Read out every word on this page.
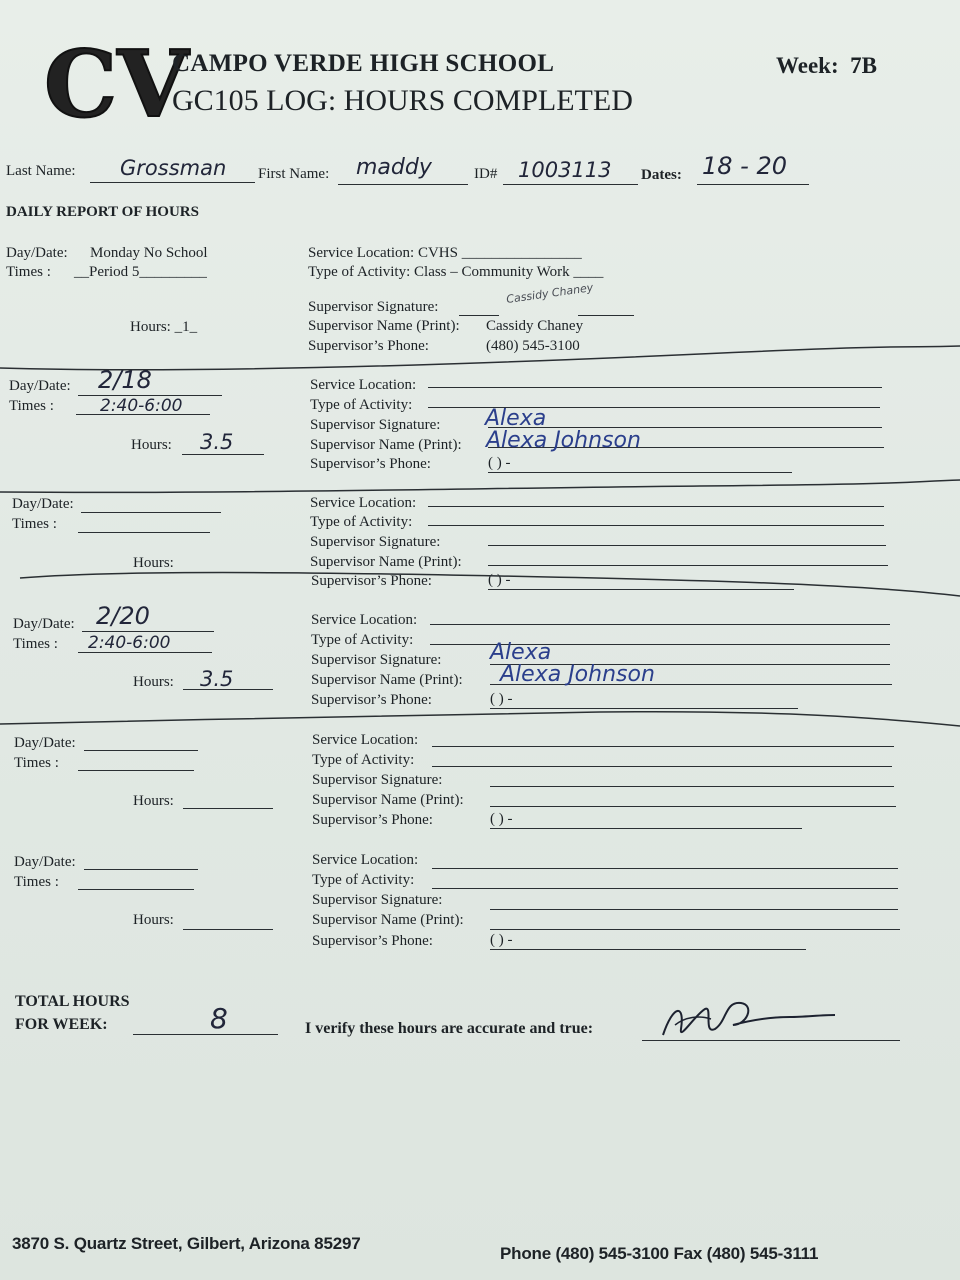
CV
CAMPO VERDE HIGH SCHOOL
GC105 LOG: HOURS COMPLETED
Week: 7B
Last Name: Grossman First Name: maddy	ID# 1003113 Dates: 18 - 20
DAILY REPORT OF HOURS
Day/Date: Monday No School
Times : __Period 5_________
Hours: _1_
Service Location: CVHS ________________
Type of Activity: Class – Community Work ____
Supervisor Signature:
Cassidy Chaney
Supervisor Name (Print): Cassidy Chaney
Supervisor’s Phone:	(480) 545-3100
Day/Date: 2/18
Times :	2:40-6:00
Hours: 3.5
Service Location:
Type of Activity:
Supervisor Signature: Alexa
Supervisor Name (Print): Alexa Johnson
Supervisor’s Phone:	( ) -
Day/Date:
Times :
Hours:
Service Location:
Type of Activity:
Supervisor Signature:
Supervisor Name (Print):
Supervisor’s Phone:	( ) -
Day/Date: 2/20
Times : 2:40-6:00
Hours: 3.5
Service Location:
Type of Activity:
Supervisor Signature: Alexa
Supervisor Name (Print): Alexa Johnson
Supervisor’s Phone:	( ) -
Day/Date:
Times :
Hours:
Service Location:
Type of Activity:
Supervisor Signature:
Supervisor Name (Print):
Supervisor’s Phone:	( ) -
Day/Date:
Times :
Hours:
Service Location:
Type of Activity:
Supervisor Signature:
Supervisor Name (Print):
Supervisor’s Phone:	( ) -
TOTAL HOURS
FOR WEEK:	8	I verify these hours are accurate and true:
3870 S. Quartz Street, Gilbert, Arizona 85297
Phone (480) 545-3100 Fax (480) 545-3111
